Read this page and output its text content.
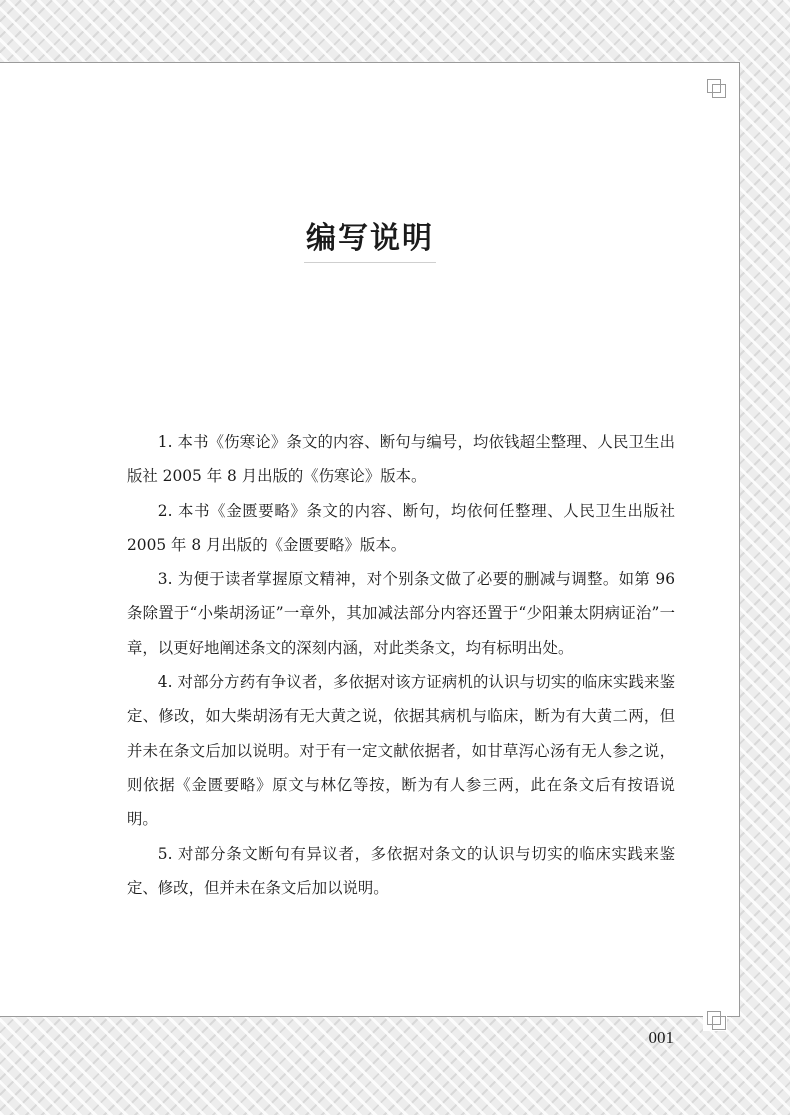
编写说明

1. 本书《伤寒论》条文的内容、断句与编号，均依钱超尘整理、人民卫生出版社 2005 年 8 月出版的《伤寒论》版本。

2. 本书《金匮要略》条文的内容、断句，均依何任整理、人民卫生出版社 2005 年 8 月出版的《金匮要略》版本。

3. 为便于读者掌握原文精神，对个别条文做了必要的删减与调整。如第 96 条除置于“小柴胡汤证”一章外，其加减法部分内容还置于“少阳兼太阴病证治”一章，以更好地阐述条文的深刻内涵，对此类条文，均有标明出处。

4. 对部分方药有争议者，多依据对该方证病机的认识与切实的临床实践来鉴定、修改，如大柴胡汤有无大黄之说，依据其病机与临床，断为有大黄二两，但并未在条文后加以说明。对于有一定文献依据者，如甘草泻心汤有无人参之说，则依据《金匮要略》原文与林亿等按，断为有人参三两，此在条文后有按语说明。

5. 对部分条文断句有异议者，多依据对条文的认识与切实的临床实践来鉴定、修改，但并未在条文后加以说明。

001
